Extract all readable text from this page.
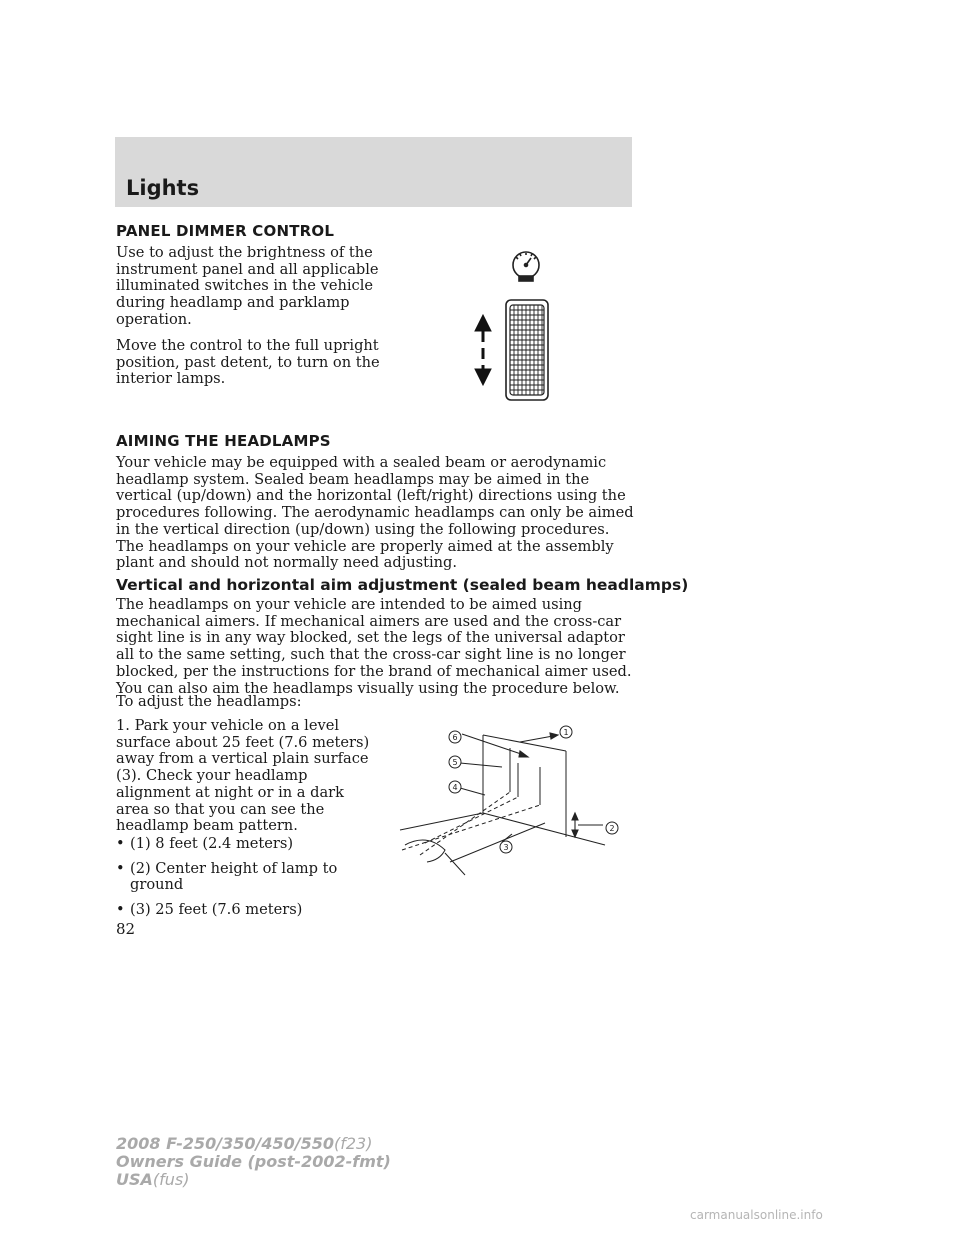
Lights
PANEL DIMMER CONTROL

Use to adjust the brightness of the instrument panel and all applicable illuminated switches in the vehicle during headlamp and parklamp operation.

Move the control to the full upright position, past detent, to turn on the interior lamps.

AIMING THE HEADLAMPS

Your vehicle may be equipped with a sealed beam or aerodynamic headlamp system. Sealed beam headlamps may be aimed in the vertical (up/down) and the horizontal (left/right) directions using the procedures following. The aerodynamic headlamps can only be aimed in the vertical direction (up/down) using the following procedures. The headlamps on your vehicle are properly aimed at the assembly plant and should not normally need adjusting.

Vertical and horizontal aim adjustment (sealed beam headlamps)

The headlamps on your vehicle are intended to be aimed using mechanical aimers. If mechanical aimers are used and the cross-car sight line is in any way blocked, set the legs of the universal adaptor all to the same setting, such that the cross-car sight line is no longer blocked, per the instructions for the brand of mechanical aimer used. You can also aim the headlamps visually using the procedure below.

To adjust the headlamps:

1. Park your vehicle on a level surface about 25 feet (7.6 meters) away from a vertical plain surface (3). Check your headlamp alignment at night or in a dark area so that you can see the headlamp beam pattern.

• (1) 8 feet (2.4 meters)
• (2) Center height of lamp to ground
• (3) 25 feet (7.6 meters)
1
2
3
4
5
6
82
2008 F-250/350/450/550(f23)
Owners Guide (post-2002-fmt)
USA(fus)
carmanualsonline.info
